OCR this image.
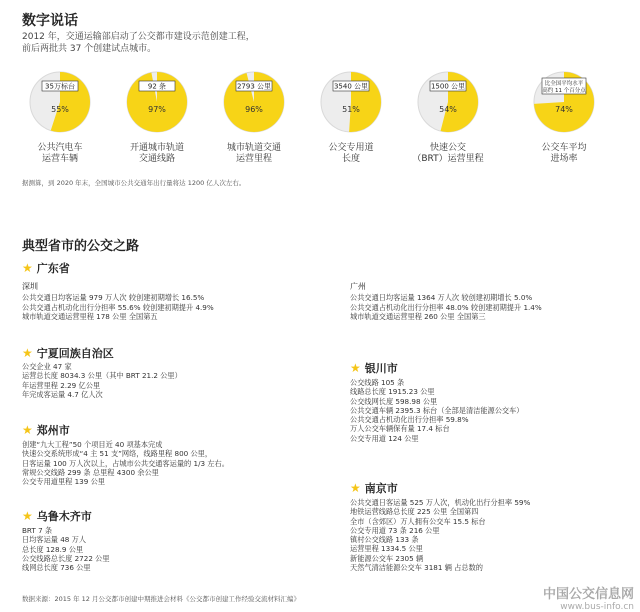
数字说话
2012 年，交通运输部启动了公交都市建设示范创建工程，
前后两批共 37 个创建试点城市。
35万标台
55%
公共汽电车
运营车辆
92 条
97%
开通城市轨道
交通线路
2793 公里
96%
城市轨道交通
运营里程
3540 公里
51%
公交专用道
长度
1500 公里
54%
快速公交
（BRT）运营里程
比全国平均水平
高约 11 个百分点
74%
公交车平均
进场率
据测算，到 2020 年末，全国城市公共交通年出行量将达 1200 亿人次左右。
典型省市的公交之路
★ 广东省
深圳
公共交通日均客运量 979 万人次 较创建初期增长 16.5%
公共交通占机动化出行分担率 55.6% 较创建初期提升 4.9%
城市轨道交通运营里程 178 公里 全国第五
广州
公共交通日均客运量 1364 万人次 较创建初期增长 5.0%
公共交通占机动化出行分担率 48.0% 较创建初期提升 1.4%
城市轨道交通运营里程 260 公里 全国第三
★ 宁夏回族自治区
公交企业 47 家
运营总长度 8034.3 公里（其中 BRT 21.2 公里）
年运营里程 2.29 亿公里
年完成客运量 4.7 亿人次
★ 银川市
公交线路 105 条
线路总长度 1915.23 公里
公交线网长度 598.98 公里
公共交通车辆 2395.3 标台（全部是清洁能源公交车）
公共交通占机动化出行分担率 59.8%
万人公交车辆保有量 17.4 标台
公交专用道 124 公里
★ 郑州市
创建“九大工程”50 个项目近 40 项基本完成
快速公交系统形成“4 主 51 支”网络，线路里程 800 公里，
日客运量 100 万人次以上，占城市公共交通客运量的 1/3 左右。
常规公交线路 299 条 总里程 4300 余公里
公交专用道里程 139 公里	★ 南京市
公共交通日客运量 525 万人次，机动化出行分担率 59%
地铁运营线路总长度 225 公里 全国第四
全市（含郊区）万人拥有公交车 15.5 标台
公交专用道 73 条 216 公里
镇村公交线路 133 条
运营里程 1334.5 公里
新能源公交车 2305 辆
天然气清洁能源公交车 3181 辆 占总数的
★ 乌鲁木齐市
BRT 7 条
日均客运量 48 万人
总长度 128.9 公里
公交线路总长度 2722 公里
线网总长度 736 公里
数据来源：2015 年 12 月公交都市创建中期推进会材料《公交都市创建工作经验交流材料汇编》	中国公交信息网
www.bus-info.cn
